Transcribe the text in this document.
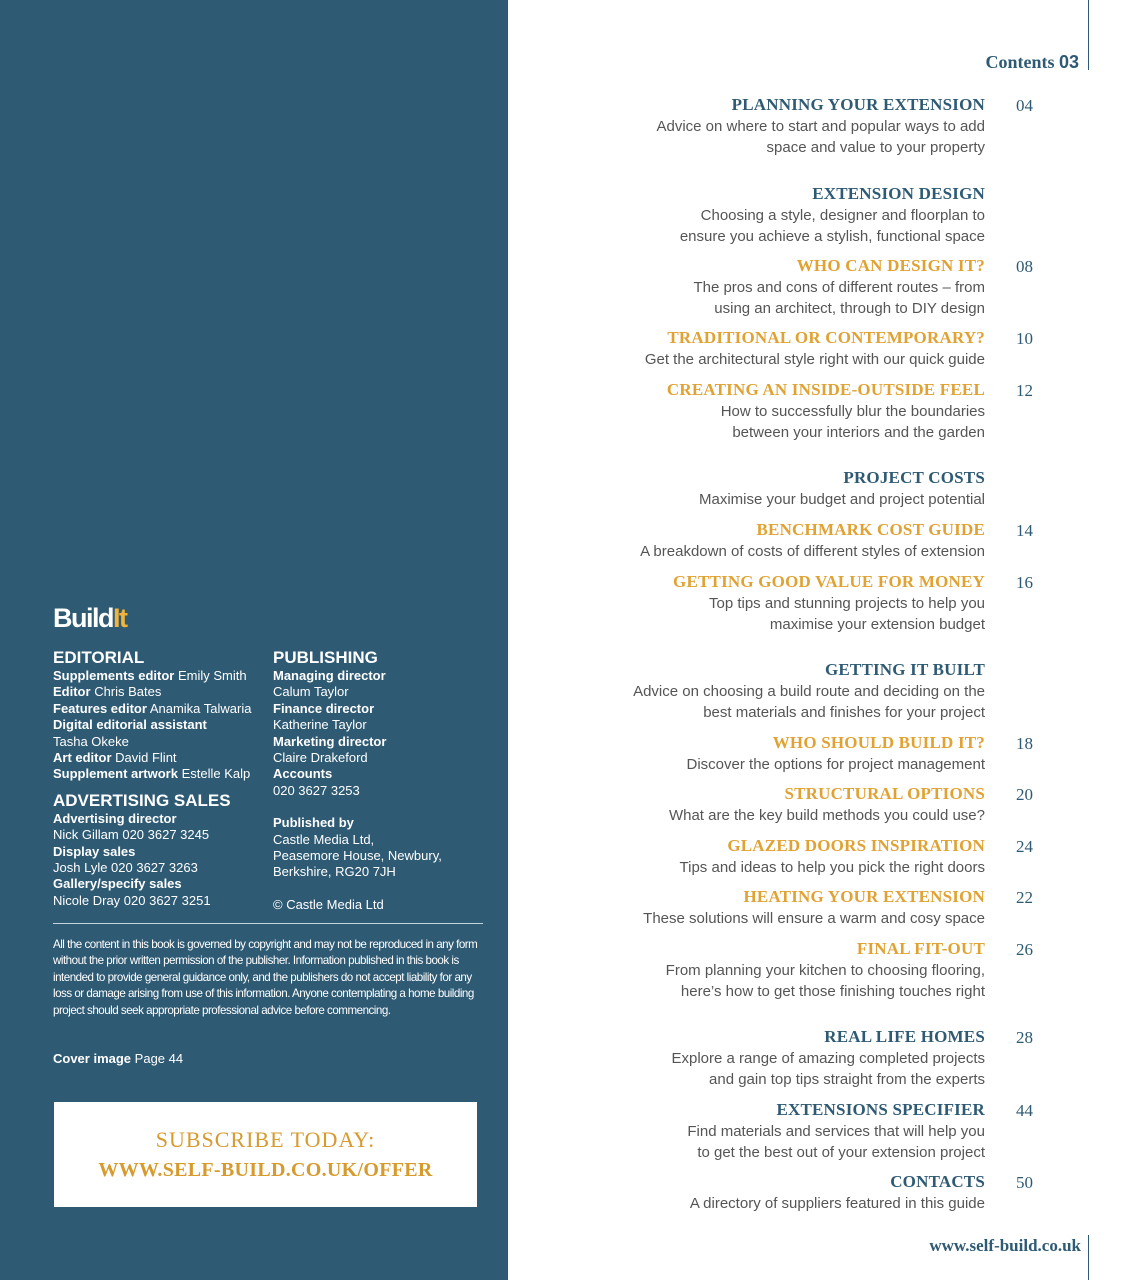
BuildIt
EDITORIAL
Supplements editor Emily Smith
Editor Chris Bates
Features editor Anamika Talwaria
Digital editorial assistant
Tasha Okeke
Art editor David Flint
Supplement artwork Estelle Kalp
ADVERTISING SALES
Advertising director
Nick Gillam 020 3627 3245
Display sales
Josh Lyle 020 3627 3263
Gallery/specify sales
Nicole Dray 020 3627 3251
PUBLISHING
Managing director
Calum Taylor
Finance director
Katherine Taylor
Marketing director
Claire Drakeford
Accounts
020 3627 3253
Published by
Castle Media Ltd,
Peasemore House, Newbury,
Berkshire, RG20 7JH
© Castle Media Ltd
All the content in this book is governed by copyright and may not be reproduced in any form without the prior written permission of the publisher. Information published in this book is intended to provide general guidance only, and the publishers do not accept liability for any loss or damage arising from use of this information. Anyone contemplating a home building project should seek appropriate professional advice before commencing.
Cover image Page 44
SUBSCRIBE TODAY:
WWW.SELF-BUILD.CO.UK/OFFER
Contents 03
PLANNING YOUR EXTENSION
Advice on where to start and popular ways to add
space and value to your property
04
EXTENSION DESIGN
Choosing a style, designer and floorplan to
ensure you achieve a stylish, functional space
WHO CAN DESIGN IT?
The pros and cons of different routes – from
using an architect, through to DIY design
08
TRADITIONAL OR CONTEMPORARY?
Get the architectural style right with our quick guide
10
CREATING AN INSIDE-OUTSIDE FEEL
How to successfully blur the boundaries
between your interiors and the garden
12
PROJECT COSTS
Maximise your budget and project potential
BENCHMARK COST GUIDE
A breakdown of costs of different styles of extension
14
GETTING GOOD VALUE FOR MONEY
Top tips and stunning projects to help you
maximise your extension budget
16
GETTING IT BUILT
Advice on choosing a build route and deciding on the
best materials and finishes for your project
WHO SHOULD BUILD IT?
Discover the options for project management
18
STRUCTURAL OPTIONS
What are the key build methods you could use?
20
GLAZED DOORS INSPIRATION
Tips and ideas to help you pick the right doors
24
HEATING YOUR EXTENSION
These solutions will ensure a warm and cosy space
22
FINAL FIT-OUT
From planning your kitchen to choosing flooring,
here’s how to get those finishing touches right
26
REAL LIFE HOMES
Explore a range of amazing completed projects
and gain top tips straight from the experts
28
EXTENSIONS SPECIFIER
Find materials and services that will help you
to get the best out of your extension project
44
CONTACTS
A directory of suppliers featured in this guide
50
www.self-build.co.uk
